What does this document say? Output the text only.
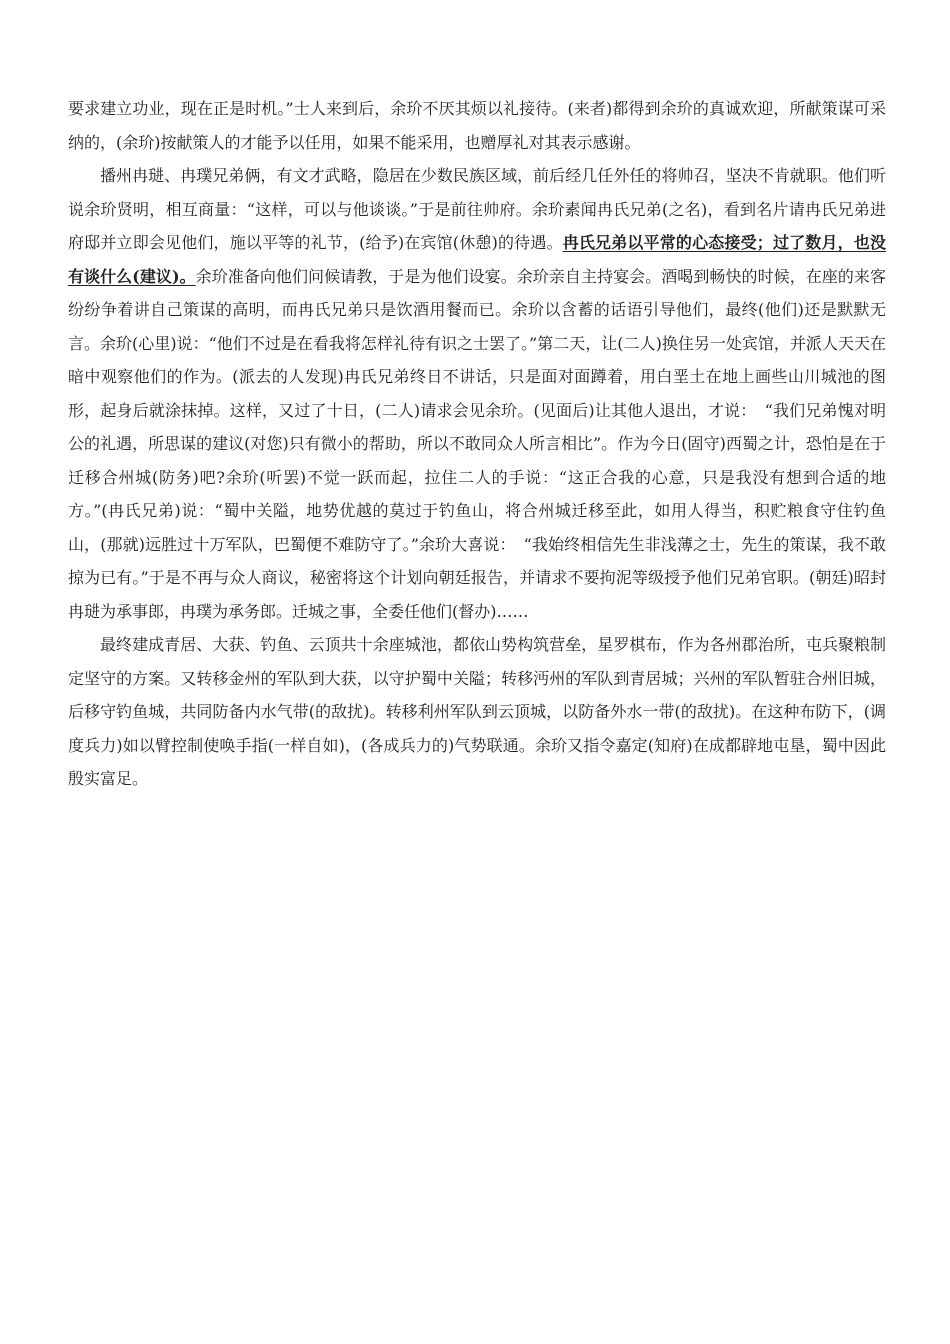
要求建立功业，现在正是时机。”士人来到后，余玠不厌其烦以礼接待。(来者)都得到余玠的真诚欢迎，所献策谋可采纳的，(余玠)按献策人的才能予以任用，如果不能采用，也赠厚礼对其表示感谢。

播州冉琎、冉璞兄弟俩，有文才武略，隐居在少数民族区域，前后经几任外任的将帅召，坚决不肯就职。他们听说余玠贤明，相互商量：“这样，可以与他谈谈。”于是前往帅府。余玠素闻冉氏兄弟(之名)，看到名片请冉氏兄弟进府邸并立即会见他们，施以平等的礼节，(给予)在宾馆(休憩)的待遇。冉氏兄弟以平常的心态接受；过了数月，也没有谈什么(建议)。余玠准备向他们问候请教，于是为他们设宴。余玠亲自主持宴会。酒喝到畅快的时候，在座的来客纷纷争着讲自己策谋的高明，而冉氏兄弟只是饮酒用餐而已。余玠以含蓄的话语引导他们，最终(他们)还是默默无言。余玠(心里)说：“他们不过是在看我将怎样礼待有识之士罢了。”第二天，让(二人)换住另一处宾馆，并派人天天在暗中观察他们的作为。(派去的人发现)冉氏兄弟终日不讲话，只是面对面蹲着，用白垩土在地上画些山川城池的图形，起身后就涂抹掉。这样，又过了十日，(二人)请求会见余玠。(见面后)让其他人退出，才说：　“我们兄弟愧对明公的礼遇，所思谋的建议(对您)只有微小的帮助，所以不敢同众人所言相比”。作为今日(固守)西蜀之计，恐怕是在于迁移合州城(防务)吧?余玠(听罢)不觉一跃而起，拉住二人的手说：“这正合我的心意，只是我没有想到合适的地方。”(冉氏兄弟)说：“蜀中关隘，地势优越的莫过于钓鱼山，将合州城迁移至此，如用人得当，积贮粮食守住钓鱼山，(那就)远胜过十万军队，巴蜀便不难防守了。”余玠大喜说：　“我始终相信先生非浅薄之士，先生的策谋，我不敢掠为已有。”于是不再与众人商议，秘密将这个计划向朝廷报告，并请求不要拘泥等级授予他们兄弟官职。(朝廷)昭封冉琎为承事郎，冉璞为承务郎。迁城之事，全委任他们(督办)……

最终建成青居、大获、钓鱼、云顶共十余座城池，都依山势构筑营垒，星罗棋布，作为各州郡治所，屯兵聚粮制定坚守的方案。又转移金州的军队到大获，以守护蜀中关隘；转移沔州的军队到青居城；兴州的军队暂驻合州旧城，后移守钓鱼城，共同防备内水气带(的敌扰)。转移利州军队到云顶城，以防备外水一带(的敌扰)。在这种布防下，(调度兵力)如以臂控制使唤手指(一样自如)，(各成兵力的)气势联通。余玠又指令嘉定(知府)在成都辟地屯垦，蜀中因此殷实富足。
